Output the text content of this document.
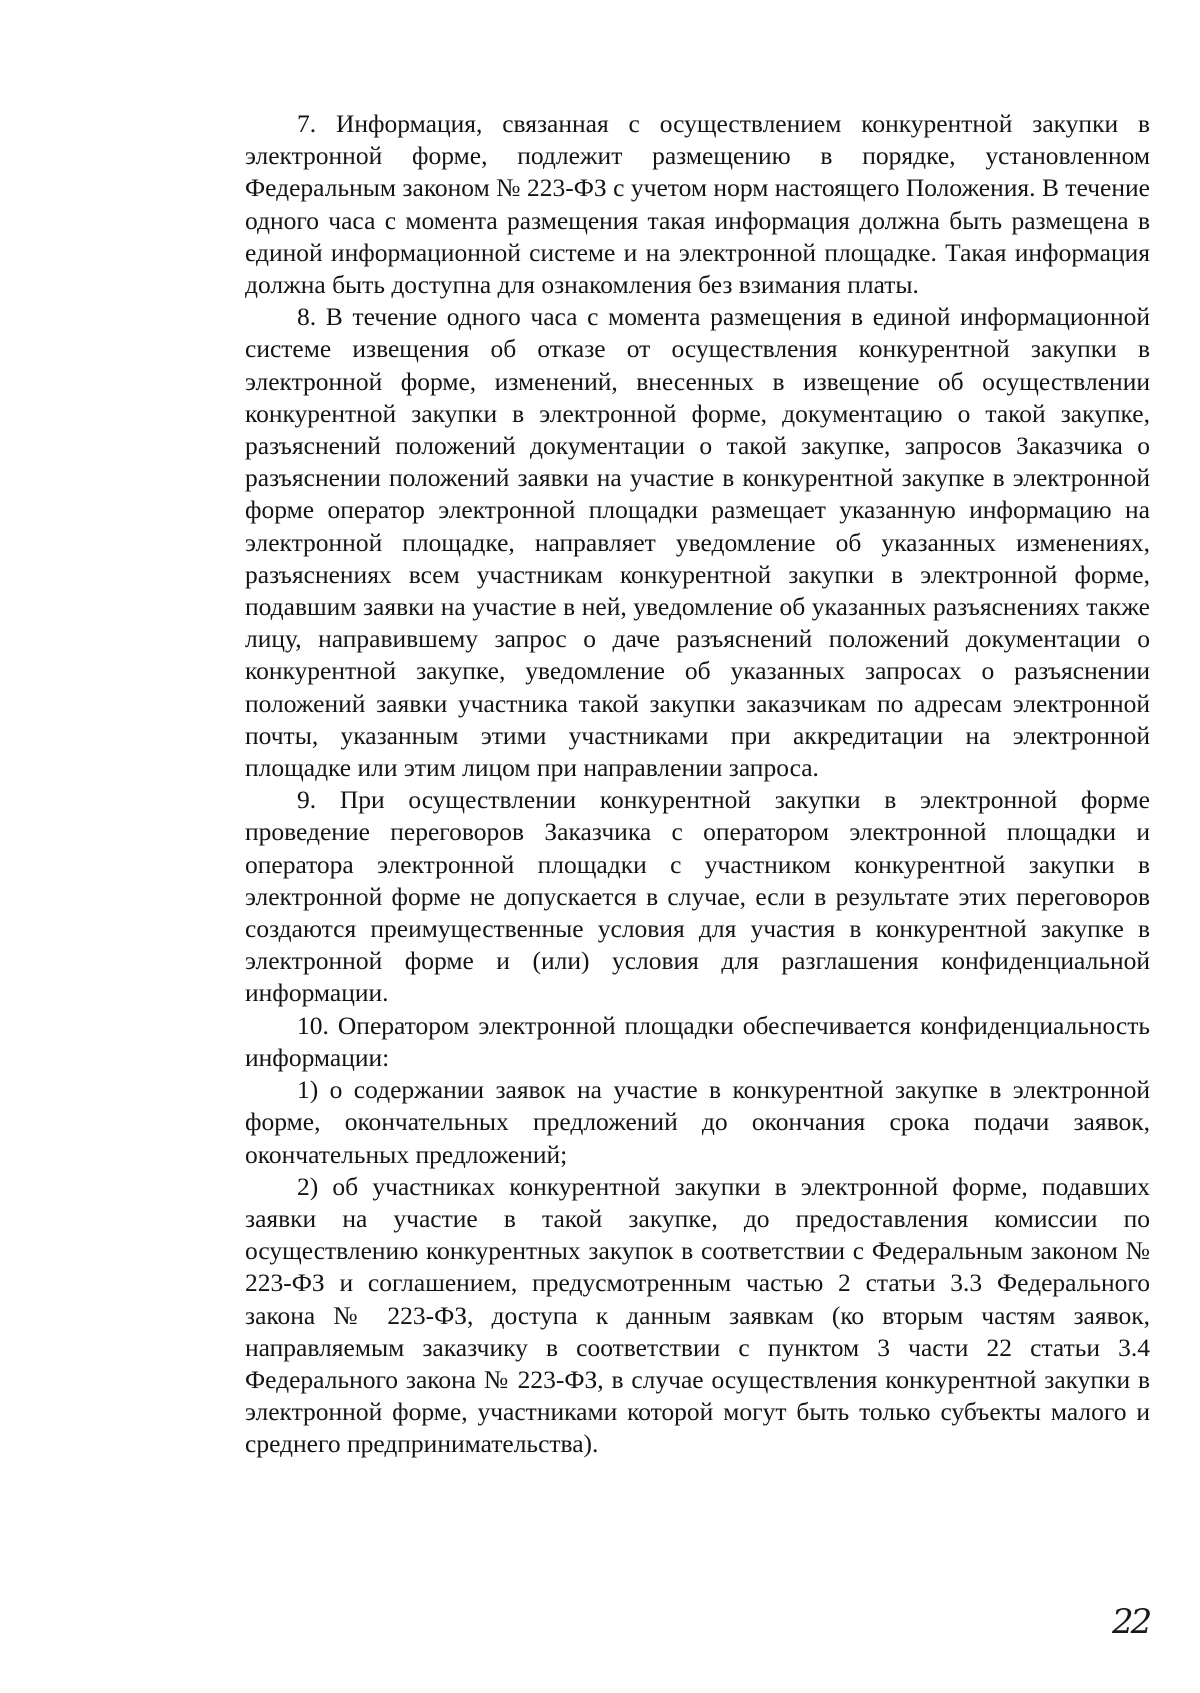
7. Информация, связанная с осуществлением конкурентной закупки в электронной форме, подлежит размещению в порядке, установленном Федеральным законом № 223-ФЗ с учетом норм настоящего Положения. В течение одного часа с момента размещения такая информация должна быть размещена в единой информационной системе и на электронной площадке. Такая информация должна быть доступна для ознакомления без взимания платы.

8. В течение одного часа с момента размещения в единой информационной системе извещения об отказе от осуществления конкурентной закупки в электронной форме, изменений, внесенных в извещение об осуществлении конкурентной закупки в электронной форме, документацию о такой закупке, разъяснений положений документации о такой закупке, запросов Заказчика о разъяснении положений заявки на участие в конкурентной закупке в электронной форме оператор электронной площадки размещает указанную информацию на электронной площадке, направляет уведомление об указанных изменениях, разъяснениях всем участникам конкурентной закупки в электронной форме, подавшим заявки на участие в ней, уведомление об указанных разъяснениях также лицу, направившему запрос о даче разъяснений положений документации о конкурентной закупке, уведомление об указанных запросах о разъяснении положений заявки участника такой закупки заказчикам по адресам электронной почты, указанным этими участниками при аккредитации на электронной площадке или этим лицом при направлении запроса.

9. При осуществлении конкурентной закупки в электронной форме проведение переговоров Заказчика с оператором электронной площадки и оператора электронной площадки с участником конкурентной закупки в электронной форме не допускается в случае, если в результате этих переговоров создаются преимущественные условия для участия в конкурентной закупке в электронной форме и (или) условия для разглашения конфиденциальной информации.

10. Оператором электронной площадки обеспечивается конфиденциальность информации:

1) о содержании заявок на участие в конкурентной закупке в электронной форме, окончательных предложений до окончания срока подачи заявок, окончательных предложений;

2) об участниках конкурентной закупки в электронной форме, подавших заявки на участие в такой закупке, до предоставления комиссии по осуществлению конкурентных закупок в соответствии с Федеральным законом № 223-ФЗ и соглашением, предусмотренным частью 2 статьи 3.3 Федерального закона № 223-ФЗ, доступа к данным заявкам (ко вторым частям заявок, направляемым заказчику в соответствии с пунктом 3 части 22 статьи 3.4 Федерального закона № 223-ФЗ, в случае осуществления конкурентной закупки в электронной форме, участниками которой могут быть только субъекты малого и среднего предпринимательства).

22
